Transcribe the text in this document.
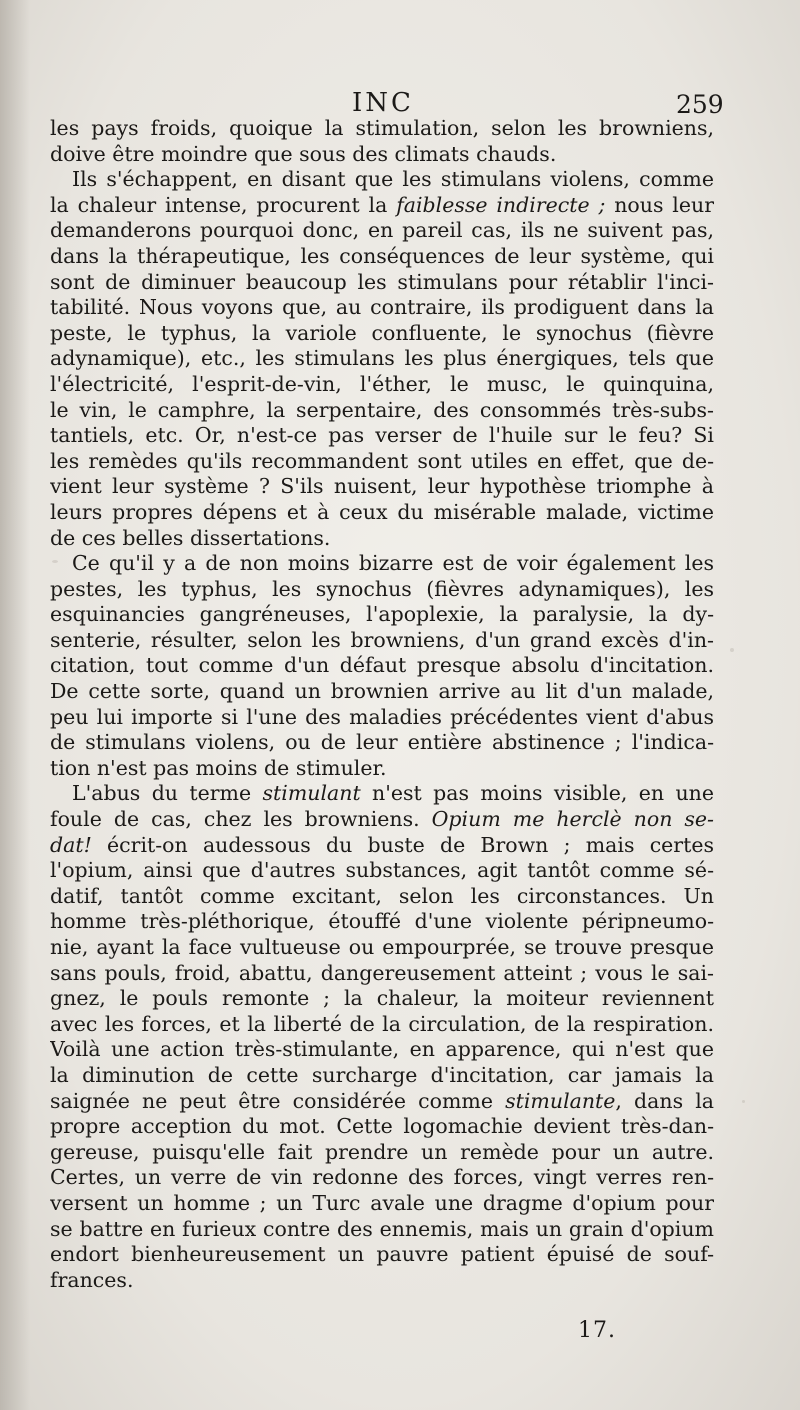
INC	259
les pays froids, quoique la stimulation, selon les browniens,
doive être moindre que sous des climats chauds.
Ils s'échappent, en disant que les stimulans violens, comme
la chaleur intense, procurent la faiblesse indirecte ; nous leur
demanderons pourquoi donc, en pareil cas, ils ne suivent pas,
dans la thérapeutique, les conséquences de leur système, qui
sont de diminuer beaucoup les stimulans pour rétablir l'inci-
tabilité. Nous voyons que, au contraire, ils prodiguent dans la
peste, le typhus, la variole confluente, le synochus (fièvre
adynamique), etc., les stimulans les plus énergiques, tels que
l'électricité, l'esprit-de-vin, l'éther, le musc, le quinquina,
le vin, le camphre, la serpentaire, des consommés très-subs-
tantiels, etc. Or, n'est-ce pas verser de l'huile sur le feu? Si
les remèdes qu'ils recommandent sont utiles en effet, que de-
vient leur système ? S'ils nuisent, leur hypothèse triomphe à
leurs propres dépens et à ceux du misérable malade, victime
de ces belles dissertations.
Ce qu'il y a de non moins bizarre est de voir également les
pestes, les typhus, les synochus (fièvres adynamiques), les
esquinancies gangréneuses, l'apoplexie, la paralysie, la dy-
senterie, résulter, selon les browniens, d'un grand excès d'in-
citation, tout comme d'un défaut presque absolu d'incitation.
De cette sorte, quand un brownien arrive au lit d'un malade,
peu lui importe si l'une des maladies précédentes vient d'abus
de stimulans violens, ou de leur entière abstinence ; l'indica-
tion n'est pas moins de stimuler.
L'abus du terme stimulant n'est pas moins visible, en une
foule de cas, chez les browniens. Opium me herclè non se-
dat! écrit-on audessous du buste de Brown ; mais certes
l'opium, ainsi que d'autres substances, agit tantôt comme sé-
datif, tantôt comme excitant, selon les circonstances. Un
homme très-pléthorique, étouffé d'une violente péripneumo-
nie, ayant la face vultueuse ou empourprée, se trouve presque
sans pouls, froid, abattu, dangereusement atteint ; vous le sai-
gnez, le pouls remonte ; la chaleur, la moiteur reviennent
avec les forces, et la liberté de la circulation, de la respiration.
Voilà une action très-stimulante, en apparence, qui n'est que
la diminution de cette surcharge d'incitation, car jamais la
saignée ne peut être considérée comme stimulante, dans la
propre acception du mot. Cette logomachie devient très-dan-
gereuse, puisqu'elle fait prendre un remède pour un autre.
Certes, un verre de vin redonne des forces, vingt verres ren-
versent un homme ; un Turc avale une dragme d'opium pour
se battre en furieux contre des ennemis, mais un grain d'opium
endort bienheureusement un pauvre patient épuisé de souf-
frances.
17.
